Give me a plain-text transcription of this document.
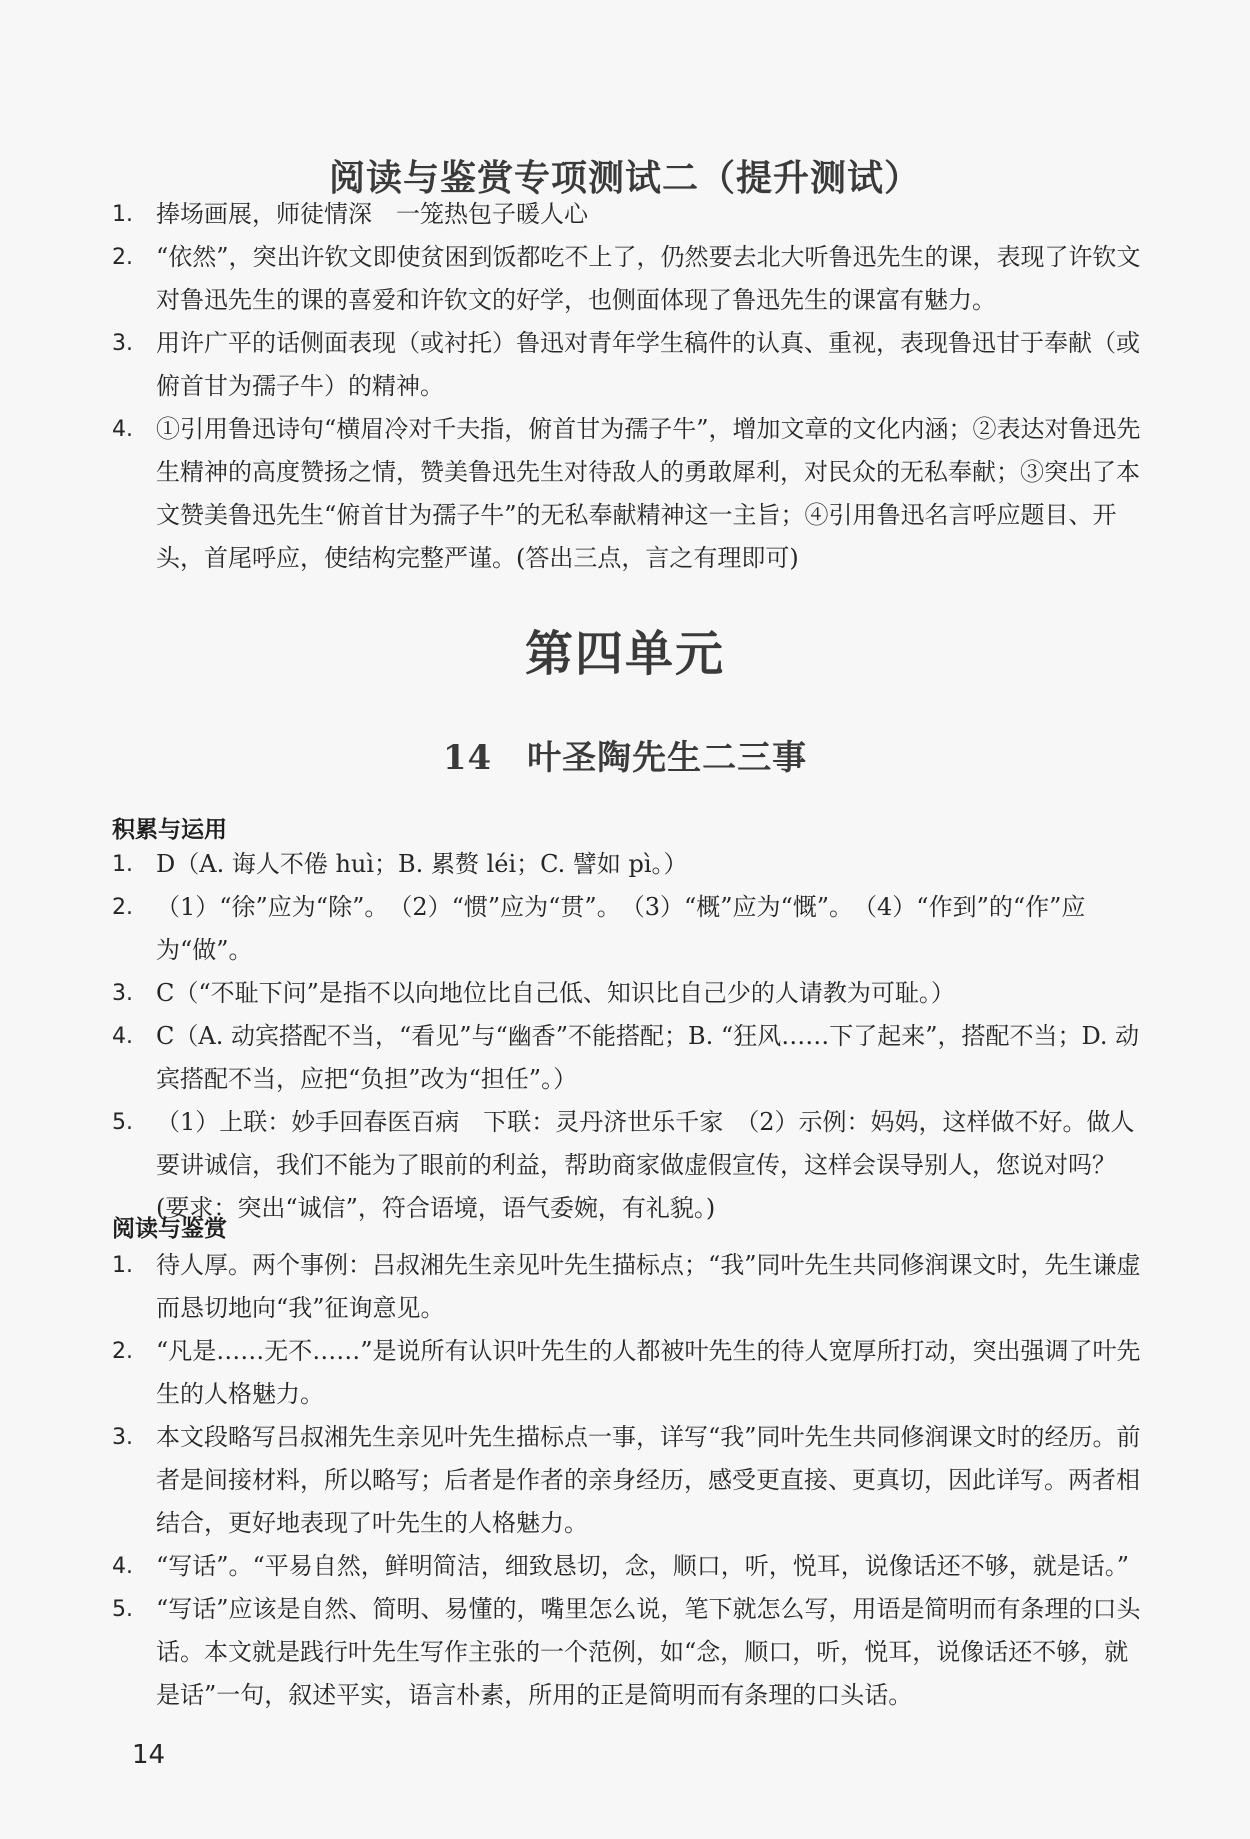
阅读与鉴赏专项测试二（提升测试）
1. 捧场画展，师徒情深　一笼热包子暖人心
2. “依然”，突出许钦文即使贫困到饭都吃不上了，仍然要去北大听鲁迅先生的课，表现了许钦文对鲁迅先生的课的喜爱和许钦文的好学，也侧面体现了鲁迅先生的课富有魅力。
3. 用许广平的话侧面表现（或衬托）鲁迅对青年学生稿件的认真、重视，表现鲁迅甘于奉献（或俯首甘为孺子牛）的精神。
4. ①引用鲁迅诗句“横眉冷对千夫指，俯首甘为孺子牛”，增加文章的文化内涵；②表达对鲁迅先生精神的高度赞扬之情，赞美鲁迅先生对待敌人的勇敢犀利，对民众的无私奉献；③突出了本文赞美鲁迅先生“俯首甘为孺子牛”的无私奉献精神这一主旨；④引用鲁迅名言呼应题目、开头，首尾呼应，使结构完整严谨。(答出三点，言之有理即可)
第四单元
14　叶圣陶先生二三事
积累与运用
1. D（A. 诲人不倦 huì；B. 累赘 léi；C. 譬如 pì。）
2. （1）“徐”应为“除”。　（2）“惯”应为“贯”。　（3）“概”应为“慨”。　（4）“作到”的“作”应为“做”。
3. C（“不耻下问”是指不以向地位比自己低、知识比自己少的人请教为可耻。）
4. C（A. 动宾搭配不当，“看见”与“幽香”不能搭配；B. “狂风……下了起来”，搭配不当；D. 动宾搭配不当，应把“负担”改为“担任”。）
5. （1）上联：妙手回春医百病　下联：灵丹济世乐千家　（2）示例：妈妈，这样做不好。做人要讲诚信，我们不能为了眼前的利益，帮助商家做虚假宣传，这样会误导别人，您说对吗？(要求：突出“诚信”，符合语境，语气委婉，有礼貌。)
阅读与鉴赏
1. 待人厚。两个事例：吕叔湘先生亲见叶先生描标点；“我”同叶先生共同修润课文时，先生谦虚而恳切地向“我”征询意见。
2. “凡是……无不……”是说所有认识叶先生的人都被叶先生的待人宽厚所打动，突出强调了叶先生的人格魅力。
3. 本文段略写吕叔湘先生亲见叶先生描标点一事，详写“我”同叶先生共同修润课文时的经历。前者是间接材料，所以略写；后者是作者的亲身经历，感受更直接、更真切，因此详写。两者相结合，更好地表现了叶先生的人格魅力。
4. “写话”。“平易自然，鲜明简洁，细致恳切，念，顺口，听，悦耳，说像话还不够，就是话。”
5. “写话”应该是自然、简明、易懂的，嘴里怎么说，笔下就怎么写，用语是简明而有条理的口头话。本文就是践行叶先生写作主张的一个范例，如“念，顺口，听，悦耳，说像话还不够，就是话”一句，叙述平实，语言朴素，所用的正是简明而有条理的口头话。
14
